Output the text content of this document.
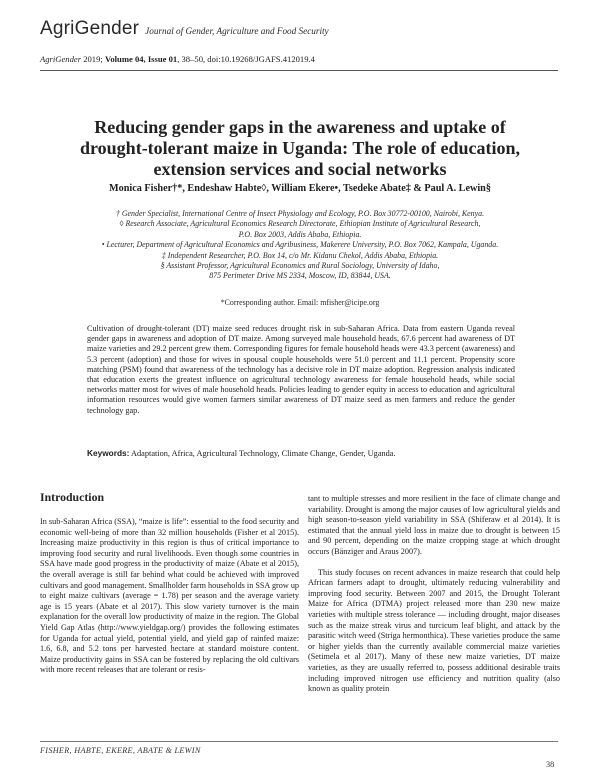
AgriGender Journal of Gender, Agriculture and Food Security
AgriGender 2019; Volume 04, Issue 01, 38–50, doi:10.19268/JGAFS.412019.4
Reducing gender gaps in the awareness and uptake of drought-tolerant maize in Uganda: The role of education, extension services and social networks
Monica Fisher†*, Endeshaw Habte◊, William Ekere•, Tsedeke Abate‡ & Paul A. Lewin§
† Gender Specialist, International Centre of Insect Physiology and Ecology, P.O. Box 30772-00100, Nairobi, Kenya.
◊ Research Associate, Agricultural Economics Research Directorate, Ethiopian Institute of Agricultural Research,
P.O. Box 2003, Addis Ababa, Ethiopia.
• Lecturer, Department of Agricultural Economics and Agribusiness, Makerere University, P.O. Box 7062, Kampala, Uganda.
‡ Independent Researcher, P.O. Box 14, c/o Mr. Kidanu Chekol, Addis Ababa, Ethiopia.
§ Assistant Professor, Agricultural Economics and Rural Sociology, University of Idaho,
875 Perimeter Drive MS 2334, Moscow, ID, 83844, USA.
*Corresponding author. Email: mfisher@icipe.org
Cultivation of drought-tolerant (DT) maize seed reduces drought risk in sub-Saharan Africa. Data from eastern Uganda reveal gender gaps in awareness and adoption of DT maize. Among surveyed male household heads, 67.6 percent had awareness of DT maize varieties and 29.2 percent grew them. Corresponding figures for female household heads were 43.3 percent (awareness) and 5.3 percent (adoption) and those for wives in spousal couple households were 51.0 percent and 11.1 percent. Propensity score matching (PSM) found that awareness of the technology has a decisive role in DT maize adoption. Regression analysis indicated that education exerts the greatest influence on agricultural technology awareness for female household heads, while social networks matter most for wives of male household heads. Policies leading to gender equity in access to education and agricultural information resources would give women farmers similar awareness of DT maize seed as men farmers and reduce the gender technology gap.
Keywords: Adaptation, Africa, Agricultural Technology, Climate Change, Gender, Uganda.
Introduction

In sub-Saharan Africa (SSA), “maize is life”: essential to the food security and economic well-being of more than 32 million households (Fisher et al 2015). Increasing maize productivity in this region is thus of critical importance to improving food security and rural livelihoods. Even though some countries in SSA have made good progress in the productivity of maize (Abate et al 2015), the overall average is still far behind what could be achieved with improved cultivars and good management. Smallholder farm households in SSA grow up to eight maize cultivars (average = 1.78) per season and the average variety age is 15 years (Abate et al 2017). This slow variety turnover is the main explanation for the overall low productivity of maize in the region. The Global Yield Gap Atlas (http://www.yieldgap.org/) provides the following estimates for Uganda for actual yield, potential yield, and yield gap of rainfed maize: 1.6, 6.8, and 5.2 tons per harvested hectare at standard moisture content. Maize productivity gains in SSA can be fostered by replacing the old cultivars with more recent releases that are tolerant or resis-

tant to multiple stresses and more resilient in the face of climate change and variability. Drought is among the major causes of low agricultural yields and high season-to-season yield variability in SSA (Shiferaw et al 2014). It is estimated that the annual yield loss in maize due to drought is between 15 and 90 percent, depending on the maize cropping stage at which drought occurs (Bänziger and Araus 2007).

This study focuses on recent advances in maize research that could help African farmers adapt to drought, ultimately reducing vulnerability and improving food security. Between 2007 and 2015, the Drought Tolerant Maize for Africa (DTMA) project released more than 230 new maize varieties with multiple stress tolerance — including drought, major diseases such as the maize streak virus and turcicum leaf blight, and attack by the parasitic witch weed (Striga hermonthica). These varieties produce the same or higher yields than the currently available commercial maize varieties (Setimela et al 2017). Many of these new maize varieties, DT maize varieties, as they are usually referred to, possess additional desirable traits including improved nitrogen use efficiency and nutrition quality (also known as quality protein

FISHER, HABTE, EKERE, ABATE & LEWIN
38
